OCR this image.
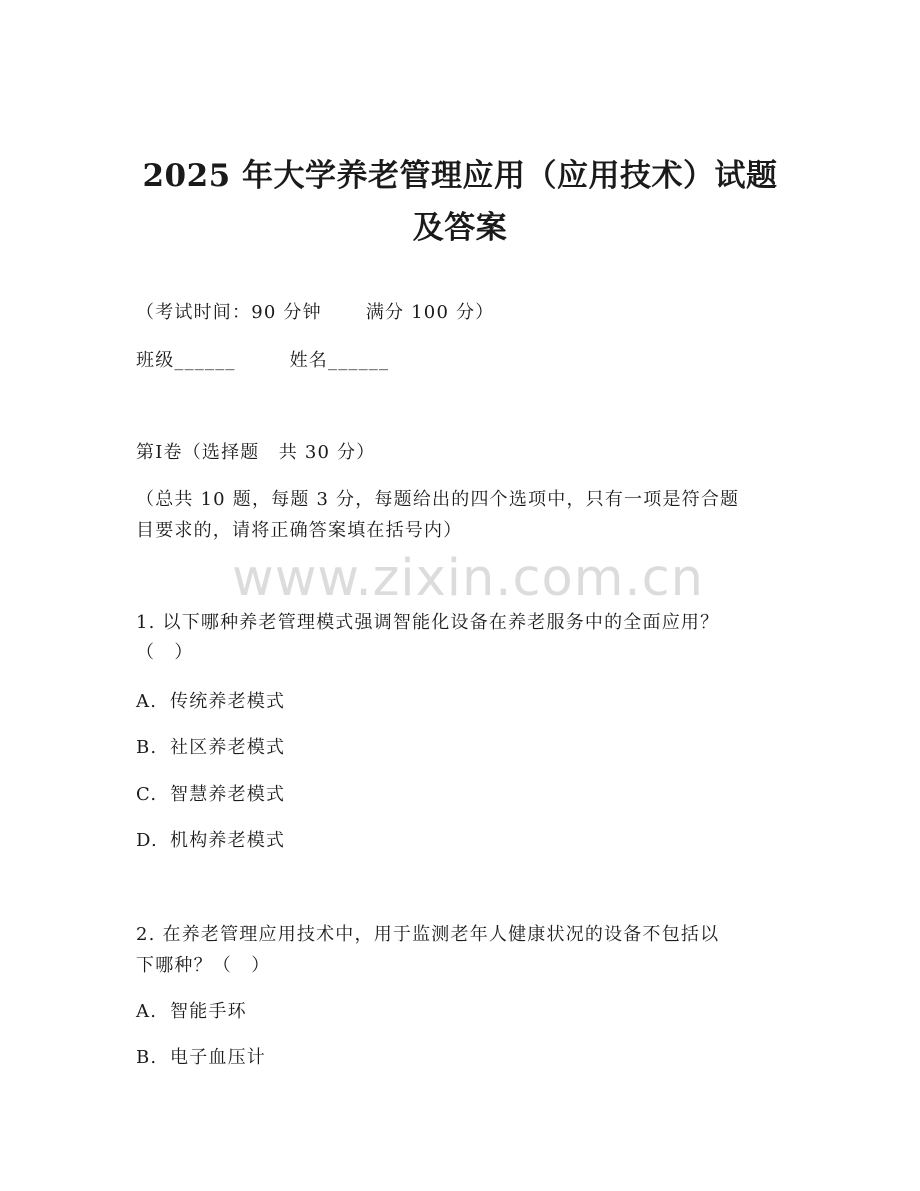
2025 年大学养老管理应用（应用技术）试题
及答案
（考试时间：90 分钟 满分 100 分）
班级______	姓名______
第Ⅰ卷（选择题　共 30 分）
（总共 10 题，每题 3 分，每题给出的四个选项中，只有一项是符合题
目要求的，请将正确答案填在括号内）
www.zixin.com.cn
1. 以下哪种养老管理模式强调智能化设备在养老服务中的全面应用？
（　）
A. 传统养老模式
B. 社区养老模式
C. 智慧养老模式
D. 机构养老模式
2. 在养老管理应用技术中，用于监测老年人健康状况的设备不包括以
下哪种？（　）
A. 智能手环
B. 电子血压计
